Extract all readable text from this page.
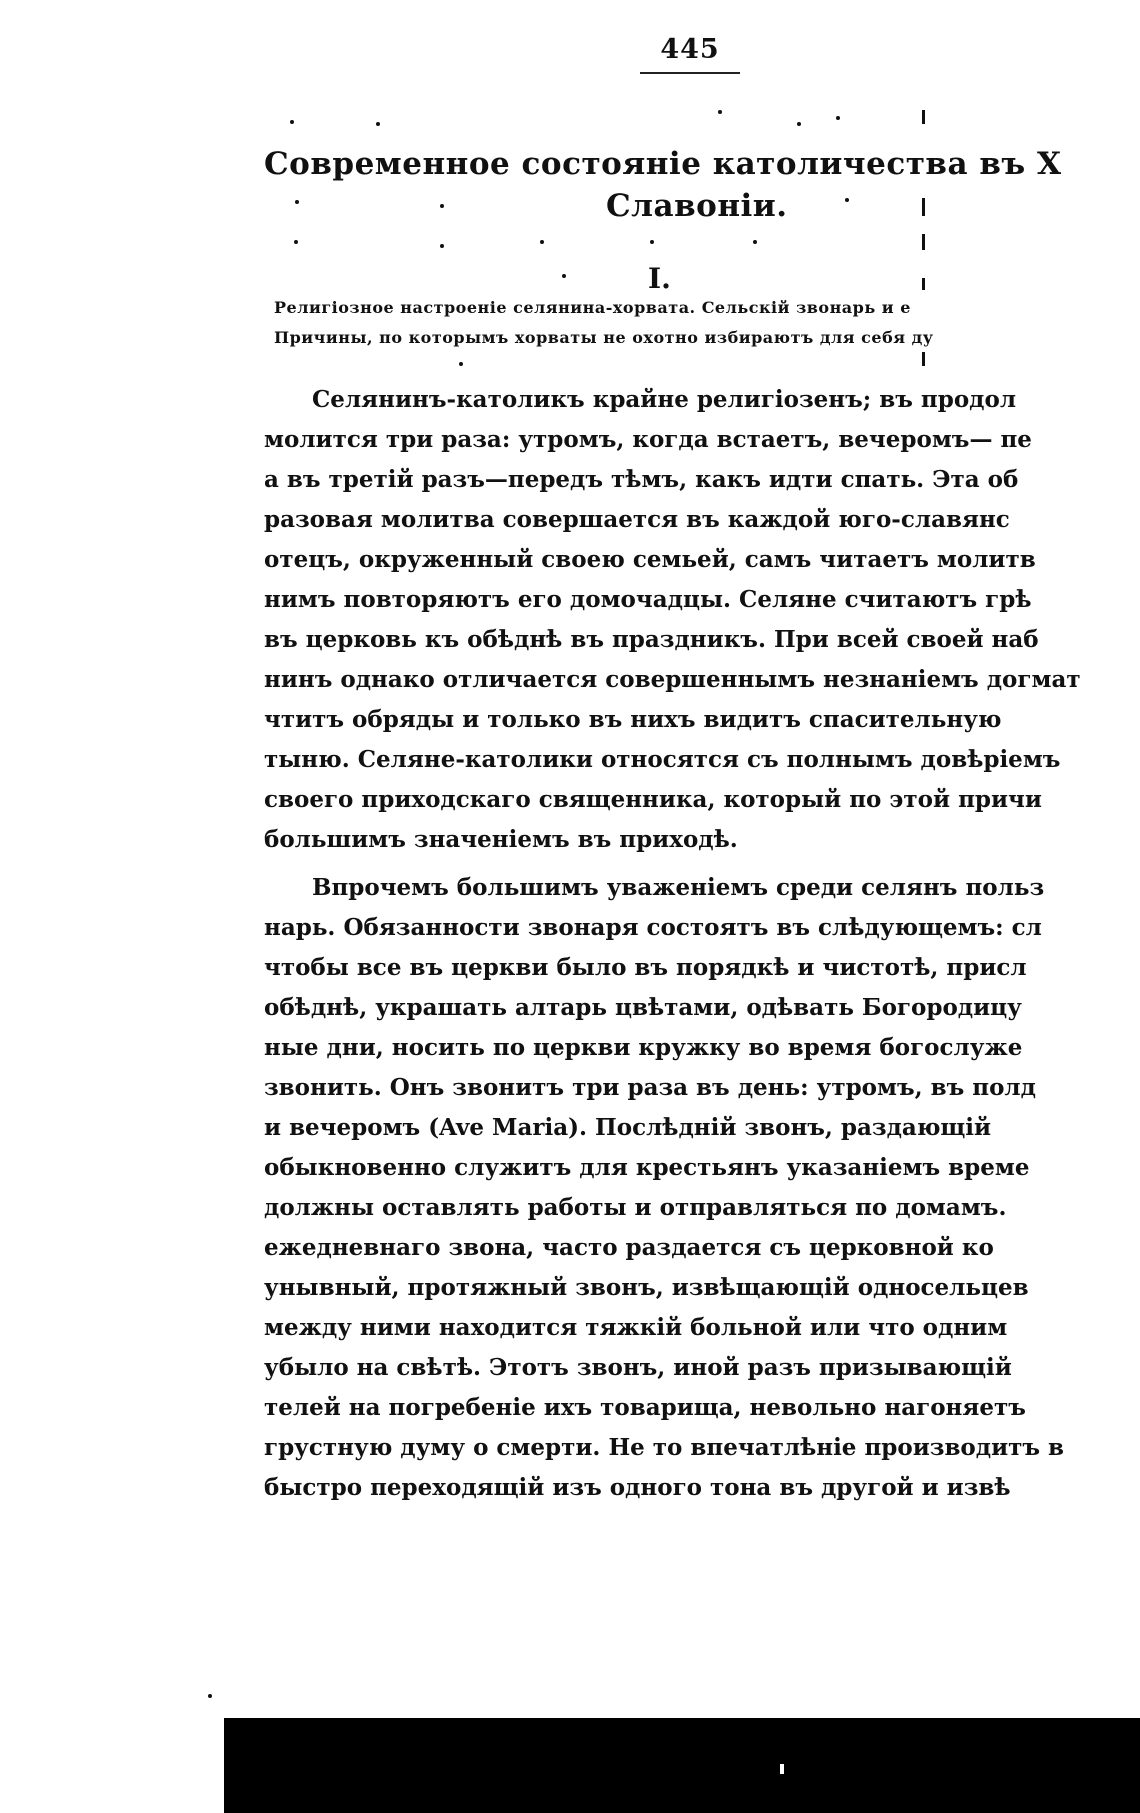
445
Современное состоянiе католичества въ Х
Славонiи.
I.
Религiозное настроенiе селянина-хорвата. Сельскiй звонарь и е
Причины, по которымъ хорваты не охотно избираютъ для себя ду
Селянинъ-католикъ крайне религiозенъ; въ продол
молится три раза: утромъ, когда встаетъ, вечеромъ— пе
а въ третiй разъ—передъ тѣмъ, какъ идти спать. Эта об
разовая молитва совершается въ каждой юго-славянс
отецъ, окруженный своею семьей, самъ читаетъ молитв
нимъ повторяютъ его домочадцы. Селяне считаютъ грѣ
въ церковь къ обѣднѣ въ праздникъ. При всей своей наб
нинъ однако отличается совершеннымъ незнанiемъ догмат
чтитъ обряды и только въ нихъ видитъ спасительную
тыню. Селяне-католики относятся съ полнымъ довѣрiемъ
своего приходскаго священника, который по этой причи
большимъ значенiемъ въ приходѣ.
Впрочемъ большимъ уваженiемъ среди селянъ польз
нарь. Обязанности звонаря состоятъ въ слѣдующемъ: сл
чтобы все въ церкви было въ порядкѣ и чистотѣ, присл
обѣднѣ, украшать алтарь цвѣтами, одѣвать Богородицу
ные дни, носить по церкви кружку во время богослуже
звонить. Онъ звонитъ три раза въ день: утромъ, въ полд
и вечеромъ (Ave Maria). Послѣднiй звонъ, раздающiй
обыкновенно служитъ для крестьянъ указанiемъ време
должны оставлять работы и отправляться по домамъ.
ежедневнаго звона, часто раздается съ церковной ко
унывный, протяжный звонъ, извѣщающiй односельцев
между ними находится тяжкiй больной или что одним
убыло на свѣтѣ. Этотъ звонъ, иной разъ призывающiй
телей на погребенiе ихъ товарища, невольно нагоняетъ
грустную думу о смерти. Не то впечатлѣнiе производитъ в
быстро переходящiй изъ одного тона въ другой и извѣ
